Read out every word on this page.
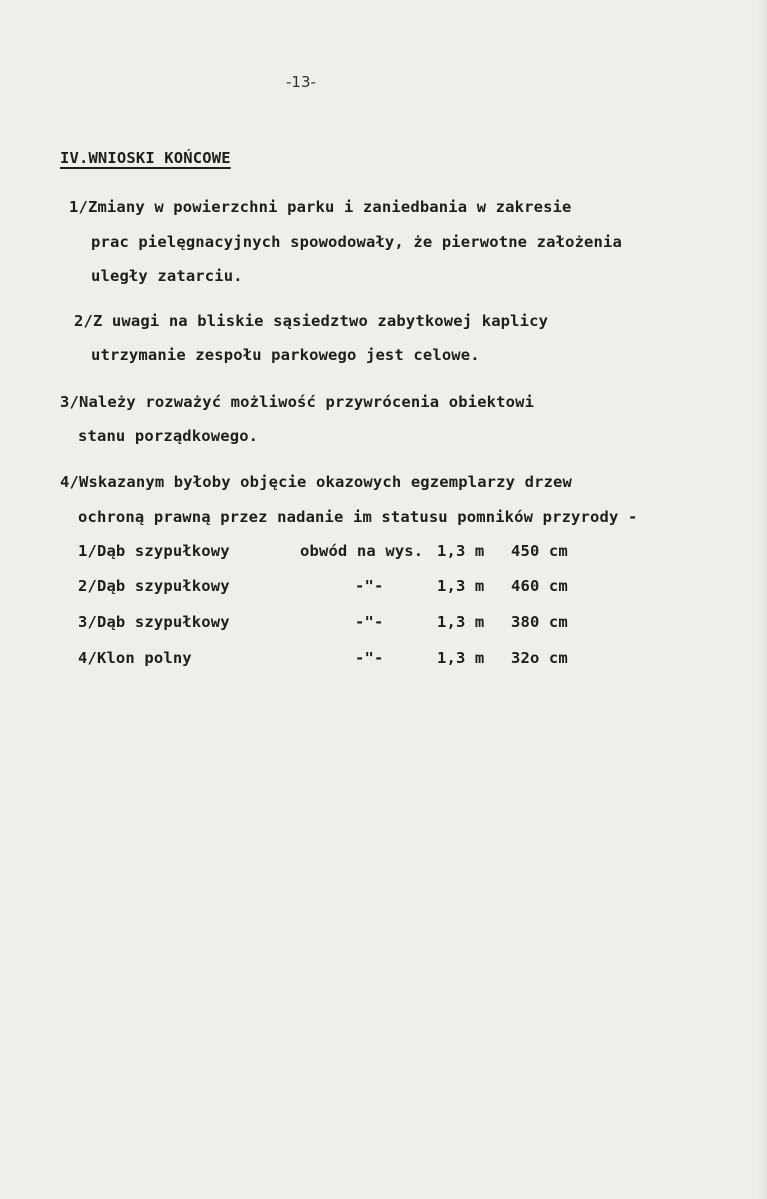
-13-
IV.WNIOSKI KOŃCOWE
1/Zmiany w powierzchni parku i zaniedbania w zakresie
prac pielęgnacyjnych spowodowały, że pierwotne założenia
uległy zatarciu.
2/Z uwagi na bliskie sąsiedztwo zabytkowej kaplicy
utrzymanie zespołu parkowego jest celowe.
3/Należy rozważyć możliwość przywrócenia obiektowi
stanu porządkowego.
4/Wskazanym byłoby objęcie okazowych egzemplarzy drzew
ochroną prawną przez nadanie im statusu pomników przyrody -
1/Dąb szypułkowy	obwód na wys. 1,3 m 450 cm
2/Dąb szypułkowy	-"-	1,3 m 460 cm
3/Dąb szypułkowy	-"-	1,3 m 380 cm
4/Klon polny	-"-	1,3 m 32o cm
